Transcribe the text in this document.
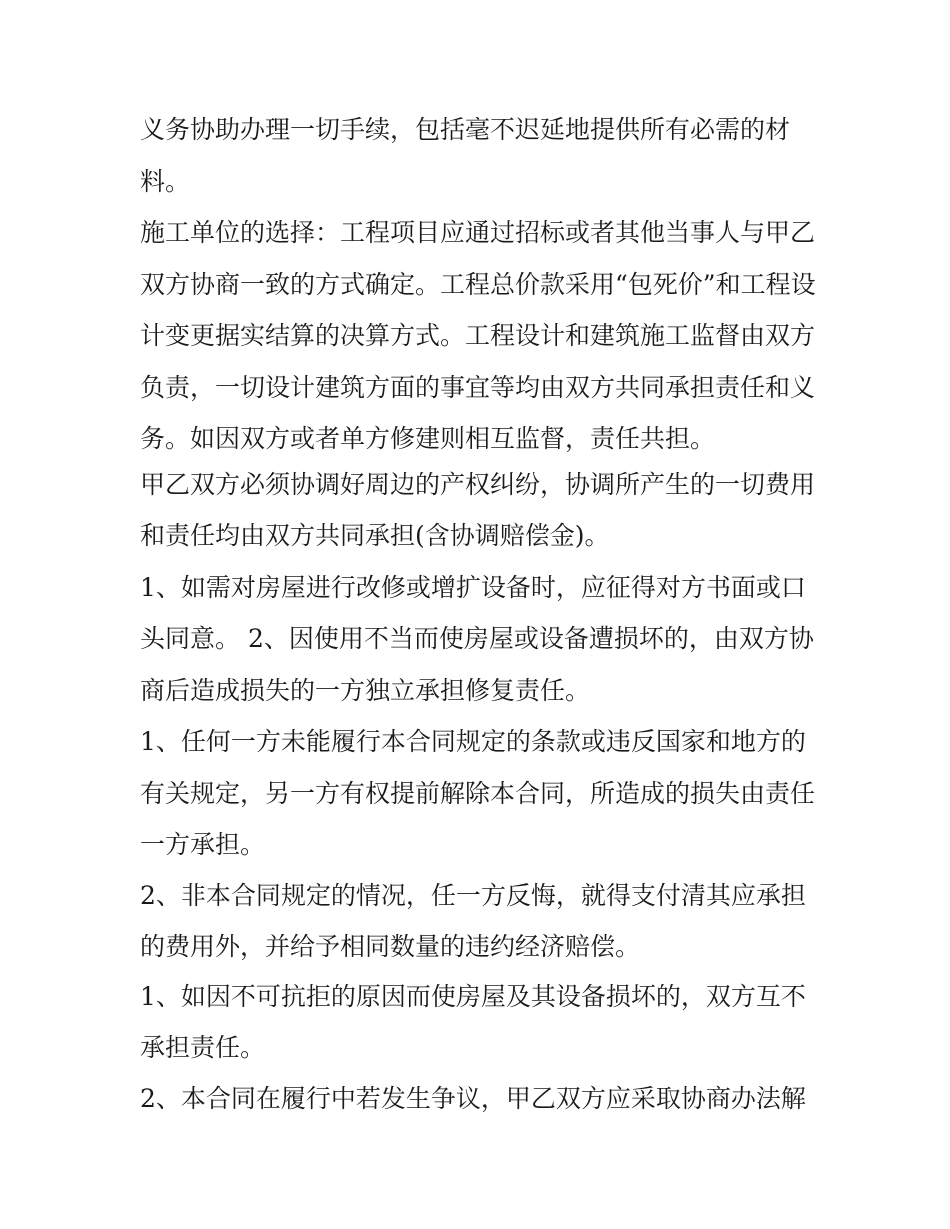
义务协助办理一切手续，包括毫不迟延地提供所有必需的材

料。

施工单位的选择：工程项目应通过招标或者其他当事人与甲乙

双方协商一致的方式确定。工程总价款采用“包死价”和工程设

计变更据实结算的决算方式。工程设计和建筑施工监督由双方

负责，一切设计建筑方面的事宜等均由双方共同承担责任和义

务。如因双方或者单方修建则相互监督，责任共担。

甲乙双方必须协调好周边的产权纠纷，协调所产生的一切费用

和责任均由双方共同承担(含协调赔偿金)。

1、如需对房屋进行改修或增扩设备时，应征得对方书面或口

头同意。 2、因使用不当而使房屋或设备遭损坏的，由双方协

商后造成损失的一方独立承担修复责任。

1、任何一方未能履行本合同规定的条款或违反国家和地方的

有关规定，另一方有权提前解除本合同，所造成的损失由责任

一方承担。

2、非本合同规定的情况，任一方反悔，就得支付清其应承担

的费用外，并给予相同数量的违约经济赔偿。

1、如因不可抗拒的原因而使房屋及其设备损坏的，双方互不

承担责任。

2、本合同在履行中若发生争议，甲乙双方应采取协商办法解
